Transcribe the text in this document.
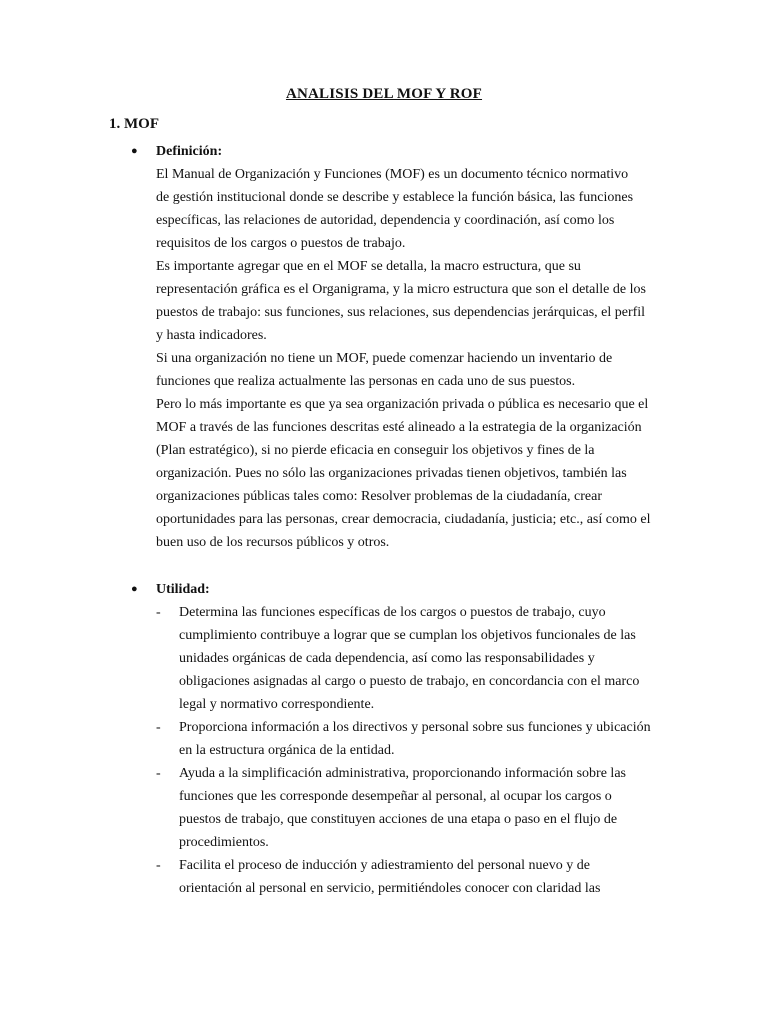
ANALISIS DEL MOF Y ROF
1. MOF
● Definición:
El Manual de Organización y Funciones (MOF) es un documento técnico normativo
de gestión institucional donde se describe y establece la función básica, las funciones
específicas, las relaciones de autoridad, dependencia y coordinación, así como los
requisitos de los cargos o puestos de trabajo.
Es importante agregar que en el MOF se detalla, la macro estructura, que su
representación gráfica es el Organigrama, y la micro estructura que son el detalle de los
puestos de trabajo: sus funciones, sus relaciones, sus dependencias jerárquicas, el perfil
y hasta indicadores.
Si una organización no tiene un MOF, puede comenzar haciendo un inventario de
funciones que realiza actualmente las personas en cada uno de sus puestos.
Pero lo más importante es que ya sea organización privada o pública es necesario que el
MOF a través de las funciones descritas esté alineado a la estrategia de la organización
(Plan estratégico), si no pierde eficacia en conseguir los objetivos y fines de la
organización. Pues no sólo las organizaciones privadas tienen objetivos, también las
organizaciones públicas tales como: Resolver problemas de la ciudadanía, crear
oportunidades para las personas, crear democracia, ciudadanía, justicia; etc., así como el
buen uso de los recursos públicos y otros.
● Utilidad:
- Determina las funciones específicas de los cargos o puestos de trabajo, cuyo
cumplimiento contribuye a lograr que se cumplan los objetivos funcionales de las
unidades orgánicas de cada dependencia, así como las responsabilidades y
obligaciones asignadas al cargo o puesto de trabajo, en concordancia con el marco
legal y normativo correspondiente.
- Proporciona información a los directivos y personal sobre sus funciones y ubicación
en la estructura orgánica de la entidad.
- Ayuda a la simplificación administrativa, proporcionando información sobre las
funciones que les corresponde desempeñar al personal, al ocupar los cargos o
puestos de trabajo, que constituyen acciones de una etapa o paso en el flujo de
procedimientos.
- Facilita el proceso de inducción y adiestramiento del personal nuevo y de
orientación al personal en servicio, permitiéndoles conocer con claridad las
